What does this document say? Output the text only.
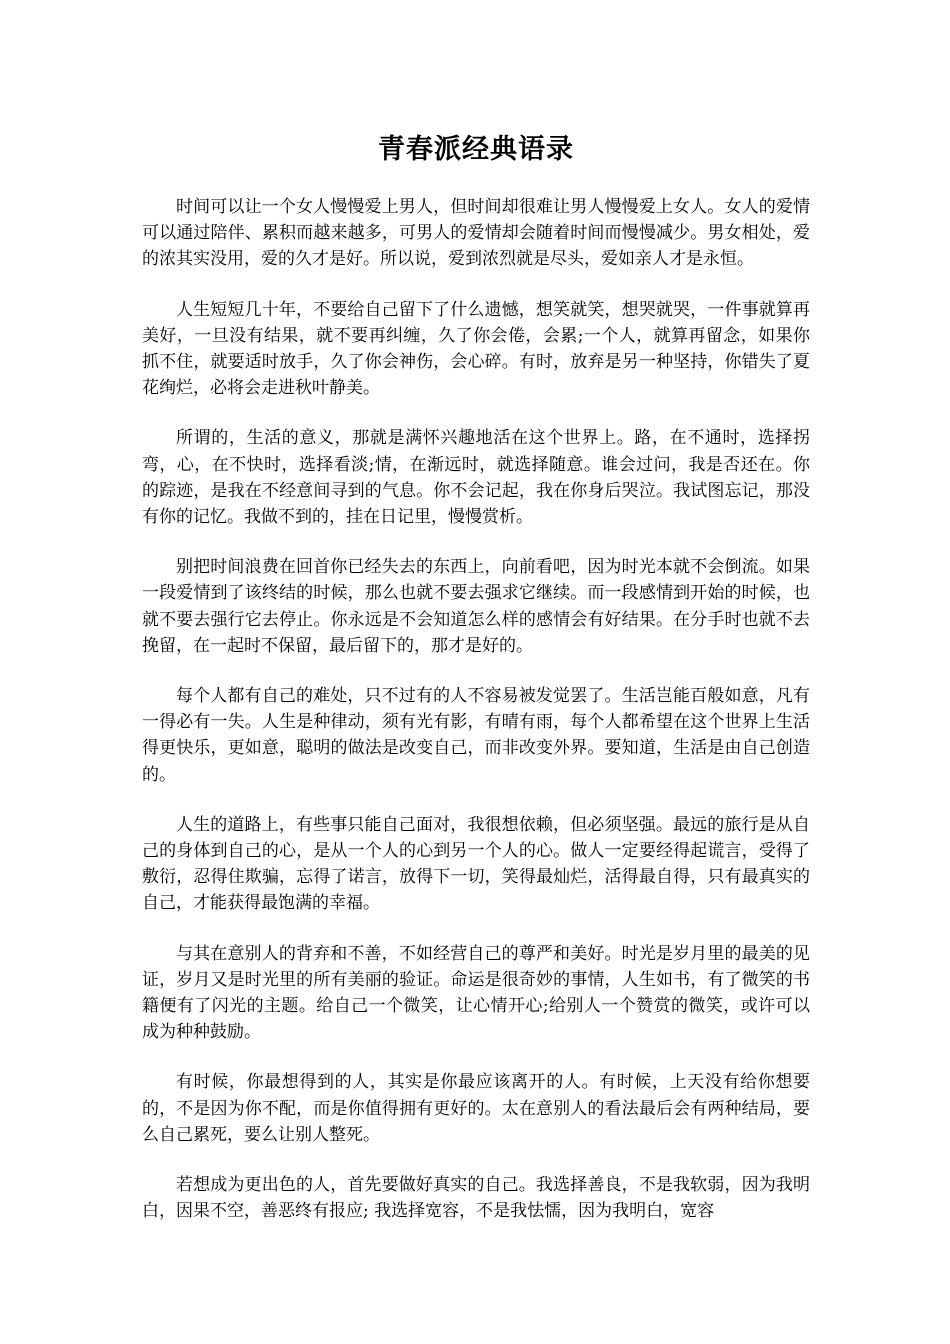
青春派经典语录

时间可以让一个女人慢慢爱上男人，但时间却很难让男人慢慢爱上女人。女人的爱情可以通过陪伴、累积而越来越多，可男人的爱情却会随着时间而慢慢减少。男女相处，爱的浓其实没用，爱的久才是好。所以说，爱到浓烈就是尽头，爱如亲人才是永恒。

人生短短几十年，不要给自己留下了什么遗憾，想笑就笑，想哭就哭，一件事就算再美好，一旦没有结果，就不要再纠缠，久了你会倦，会累;一个人，就算再留念，如果你抓不住，就要适时放手，久了你会神伤，会心碎。有时，放弃是另一种坚持，你错失了夏花绚烂，必将会走进秋叶静美。

所谓的，生活的意义，那就是满怀兴趣地活在这个世界上。路，在不通时，选择拐弯，心，在不快时，选择看淡;情，在渐远时，就选择随意。谁会过问，我是否还在。你的踪迹，是我在不经意间寻到的气息。你不会记起，我在你身后哭泣。我试图忘记，那没有你的记忆。我做不到的，挂在日记里，慢慢赏析。

别把时间浪费在回首你已经失去的东西上，向前看吧，因为时光本就不会倒流。如果一段爱情到了该终结的时候，那么也就不要去强求它继续。而一段感情到开始的时候，也就不要去强行它去停止。你永远是不会知道怎么样的感情会有好结果。在分手时也就不去挽留，在一起时不保留，最后留下的，那才是好的。

每个人都有自己的难处，只不过有的人不容易被发觉罢了。生活岂能百般如意，凡有一得必有一失。人生是种律动，须有光有影，有晴有雨，每个人都希望在这个世界上生活得更快乐，更如意，聪明的做法是改变自己，而非改变外界。要知道，生活是由自己创造的。

人生的道路上，有些事只能自己面对，我很想依赖，但必须坚强。最远的旅行是从自己的身体到自己的心，是从一个人的心到另一个人的心。做人一定要经得起谎言，受得了敷衍，忍得住欺骗，忘得了诺言，放得下一切，笑得最灿烂，活得最自得，只有最真实的自己，才能获得最饱满的幸福。

与其在意别人的背弃和不善，不如经营自己的尊严和美好。时光是岁月里的最美的见证，岁月又是时光里的所有美丽的验证。命运是很奇妙的事情，人生如书，有了微笑的书籍便有了闪光的主题。给自己一个微笑，让心情开心;给别人一个赞赏的微笑，或许可以成为种种鼓励。

有时候，你最想得到的人，其实是你最应该离开的人。有时候，上天没有给你想要的，不是因为你不配，而是你值得拥有更好的。太在意别人的看法最后会有两种结局，要么自己累死，要么让别人整死。

若想成为更出色的人，首先要做好真实的自己。我选择善良，不是我软弱，因为我明白，因果不空，善恶终有报应; 我选择宽容，不是我怯懦，因为我明白，宽容
